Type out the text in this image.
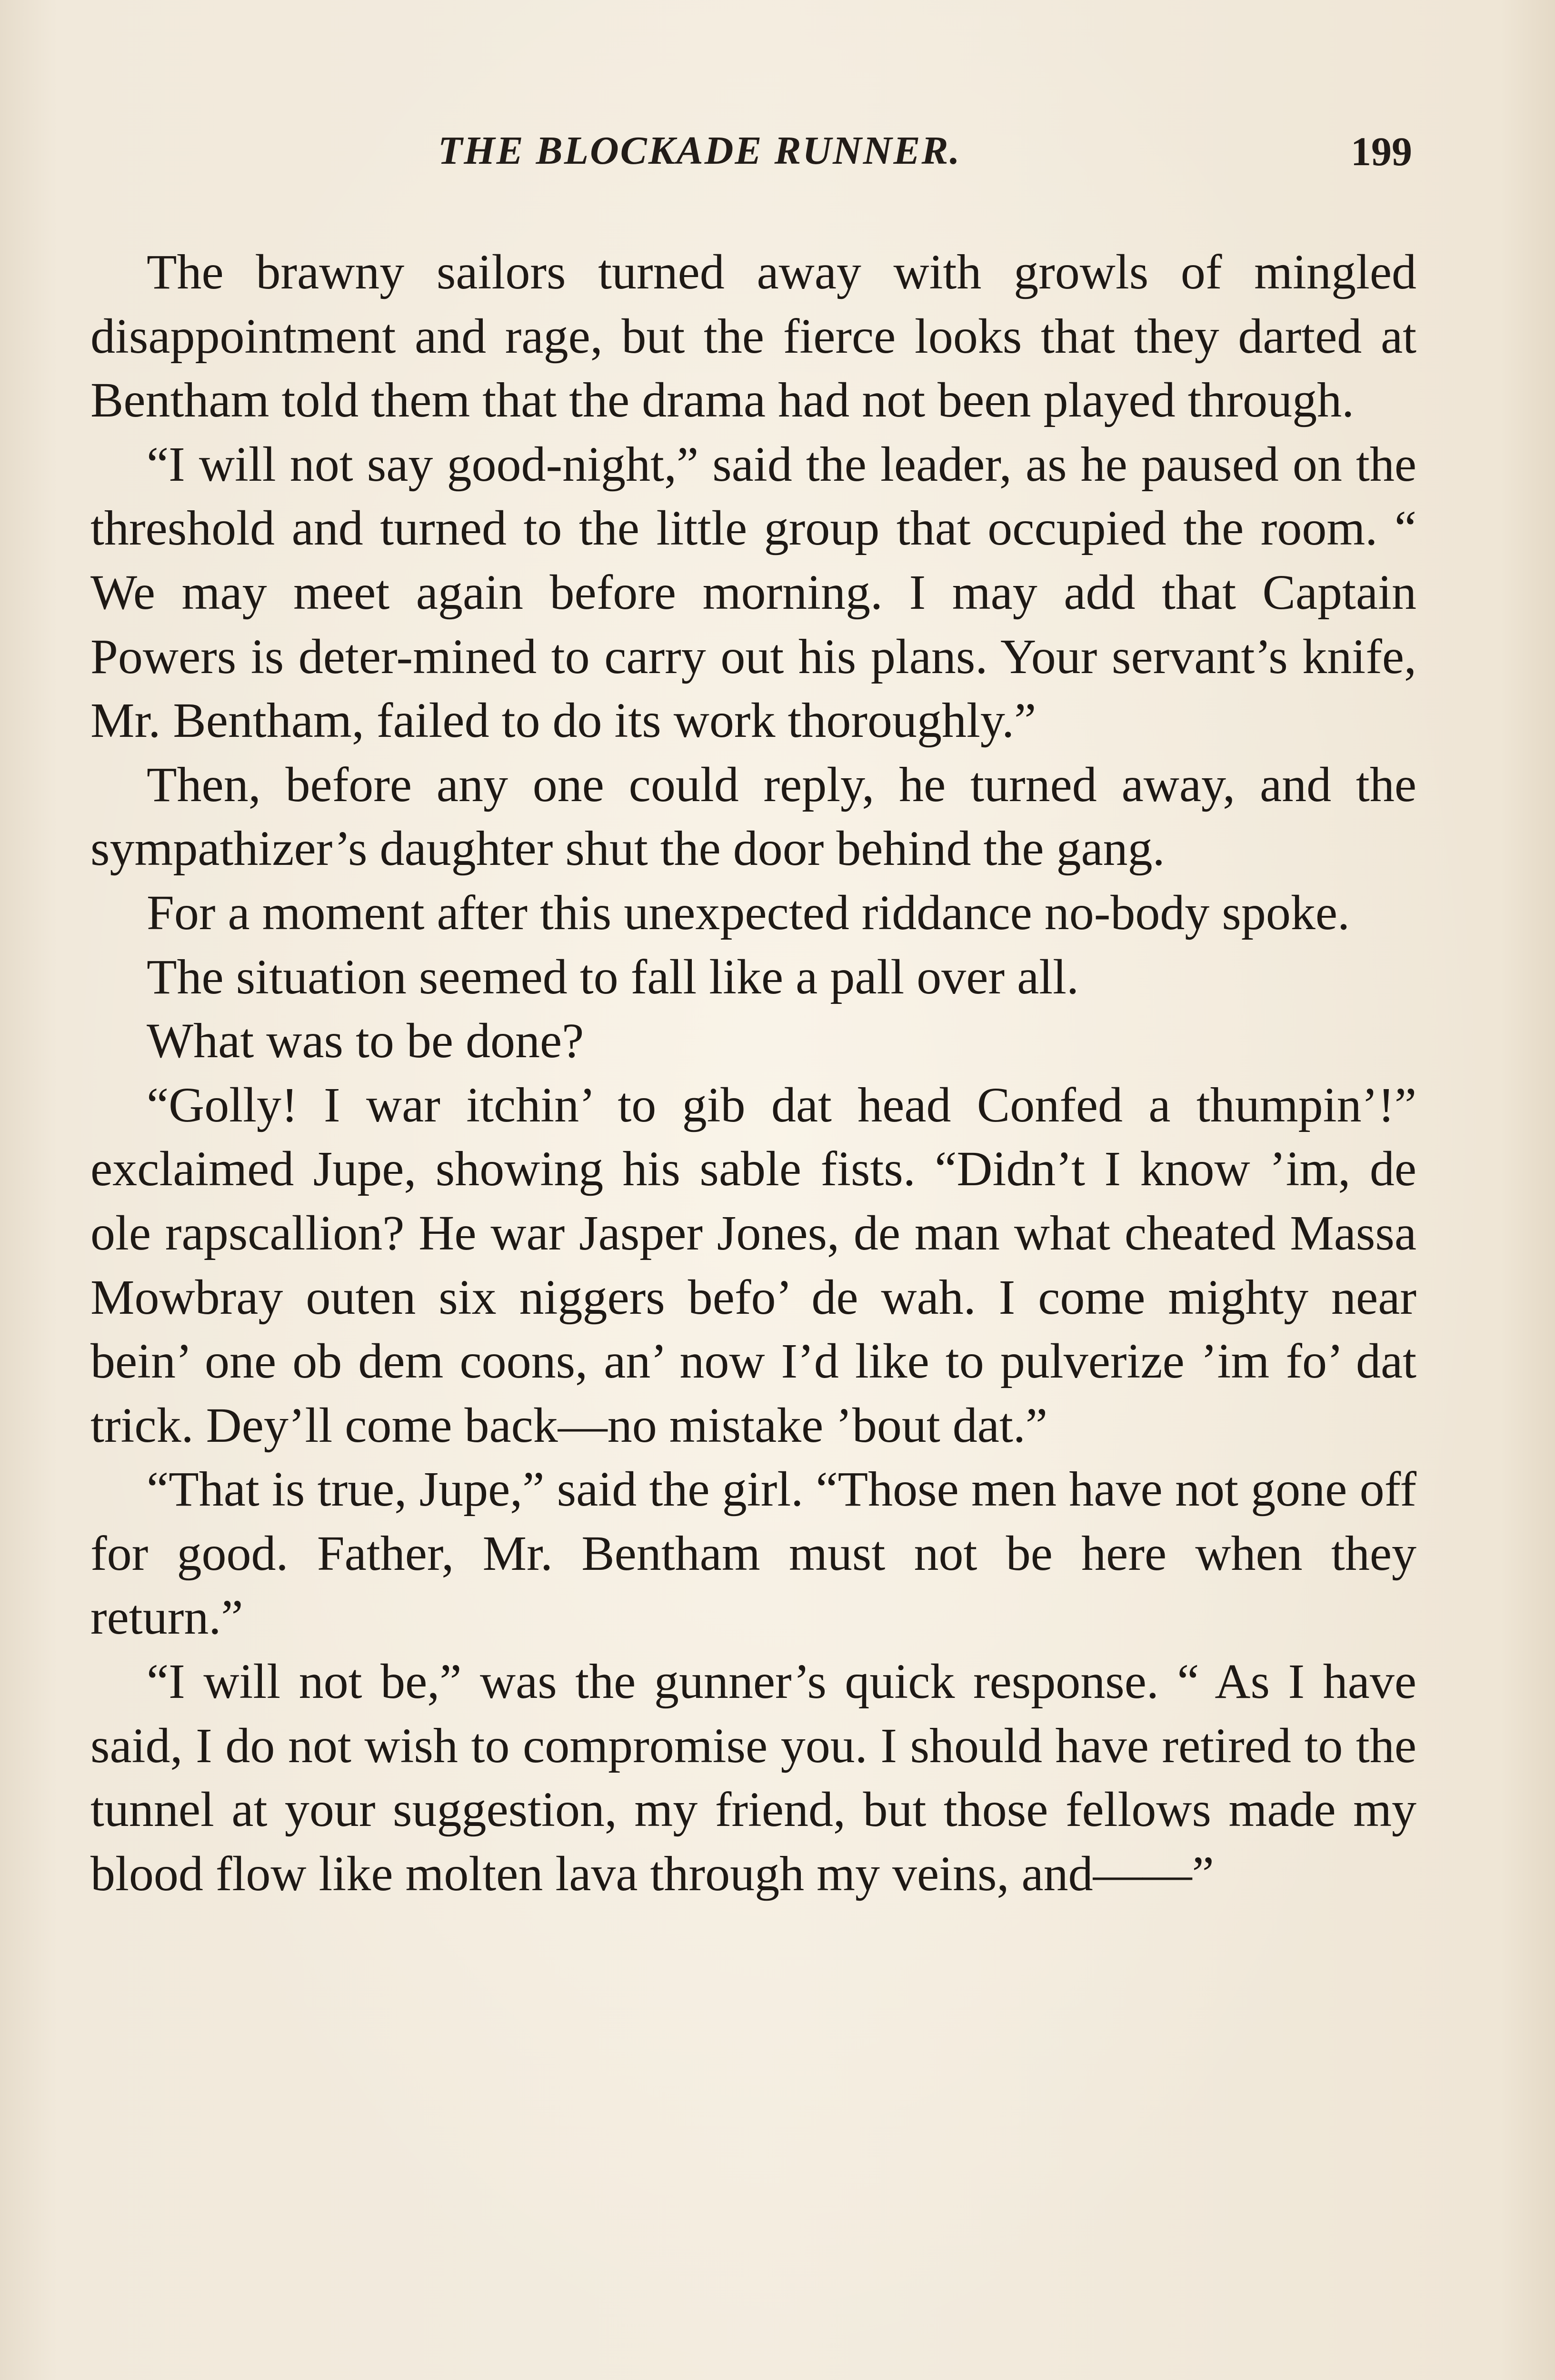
THE BLOCKADE RUNNER.	199

The brawny sailors turned away with growls of mingled disappointment and rage, but the fierce looks that they darted at Bentham told them that the drama had not been played through.

“I will not say good-night,” said the leader, as he paused on the threshold and turned to the little group that occupied the room. “ We may meet again before morning. I may add that Captain Powers is deter-mined to carry out his plans. Your servant’s knife, Mr. Bentham, failed to do its work thoroughly.”

Then, before any one could reply, he turned away, and the sympathizer’s daughter shut the door behind the gang.

For a moment after this unexpected riddance no-body spoke.

The situation seemed to fall like a pall over all.

What was to be done?

“Golly! I war itchin’ to gib dat head Confed a thumpin’!” exclaimed Jupe, showing his sable fists. “Didn’t I know ’im, de ole rapscallion? He war Jasper Jones, de man what cheated Massa Mowbray outen six niggers befo’ de wah. I come mighty near bein’ one ob dem coons, an’ now I’d like to pulverize ’im fo’ dat trick. Dey’ll come back—no mistake ’bout dat.”

“That is true, Jupe,” said the girl. “Those men have not gone off for good. Father, Mr. Bentham must not be here when they return.”

“I will not be,” was the gunner’s quick response. “ As I have said, I do not wish to compromise you. I should have retired to the tunnel at your suggestion, my friend, but those fellows made my blood flow like molten lava through my veins, and——”
